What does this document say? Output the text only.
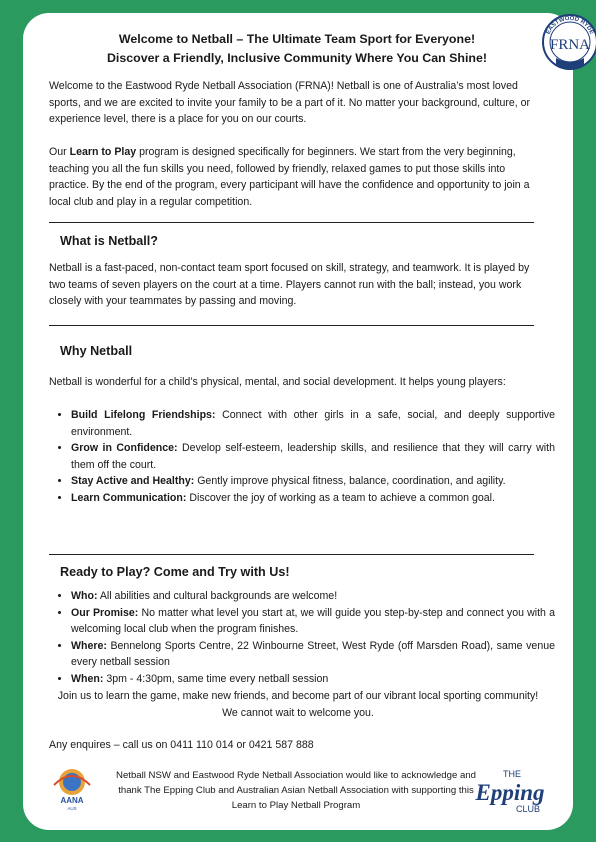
EASTWOOD RYDE
FRNA
Welcome to Netball – The Ultimate Team Sport for Everyone!
Discover a Friendly, Inclusive Community Where You Can Shine!
Welcome to the Eastwood Ryde Netball Association (FRNA)! Netball is one of Australia’s most loved sports, and we are excited to invite your family to be a part of it. No matter your background, culture, or experience level, there is a place for you on our courts.
Our Learn to Play program is designed specifically for beginners. We start from the very beginning, teaching you all the fun skills you need, followed by friendly, relaxed games to put those skills into practice. By the end of the program, every participant will have the confidence and opportunity to join a local club and play in a regular competition.
What is Netball?
Netball is a fast-paced, non-contact team sport focused on skill, strategy, and teamwork. It is played by two teams of seven players on the court at a time. Players cannot run with the ball; instead, you work closely with your teammates by passing and moving.
Why Netball
Netball is wonderful for a child’s physical, mental, and social development. It helps young players:
• Build Lifelong Friendships: Connect with other girls in a safe, social, and deeply supportive environment.
• Grow in Confidence: Develop self-esteem, leadership skills, and resilience that they will carry with them off the court.
• Stay Active and Healthy: Gently improve physical fitness, balance, coordination, and agility.
• Learn Communication: Discover the joy of working as a team to achieve a common goal.
Ready to Play? Come and Try with Us!
• Who: All abilities and cultural backgrounds are welcome!
• Our Promise: No matter what level you start at, we will guide you step-by-step and connect you with a welcoming local club when the program finishes.
• Where: Bennelong Sports Centre, 22 Winbourne Street, West Ryde (off Marsden Road), same venue every netball session
• When: 3pm - 4:30pm, same time every netball session
Join us to learn the game, make new friends, and become part of our vibrant local sporting community! We cannot wait to welcome you.
Any enquires – call us on 0411 110 014 or 0421 587 888
AANA
AUS
Netball NSW and Eastwood Ryde Netball Association would like to acknowledge and thank The Epping Club and Australian Asian Netball Association with supporting this Learn to Play Netball Program
THE
Epping
CLUB
